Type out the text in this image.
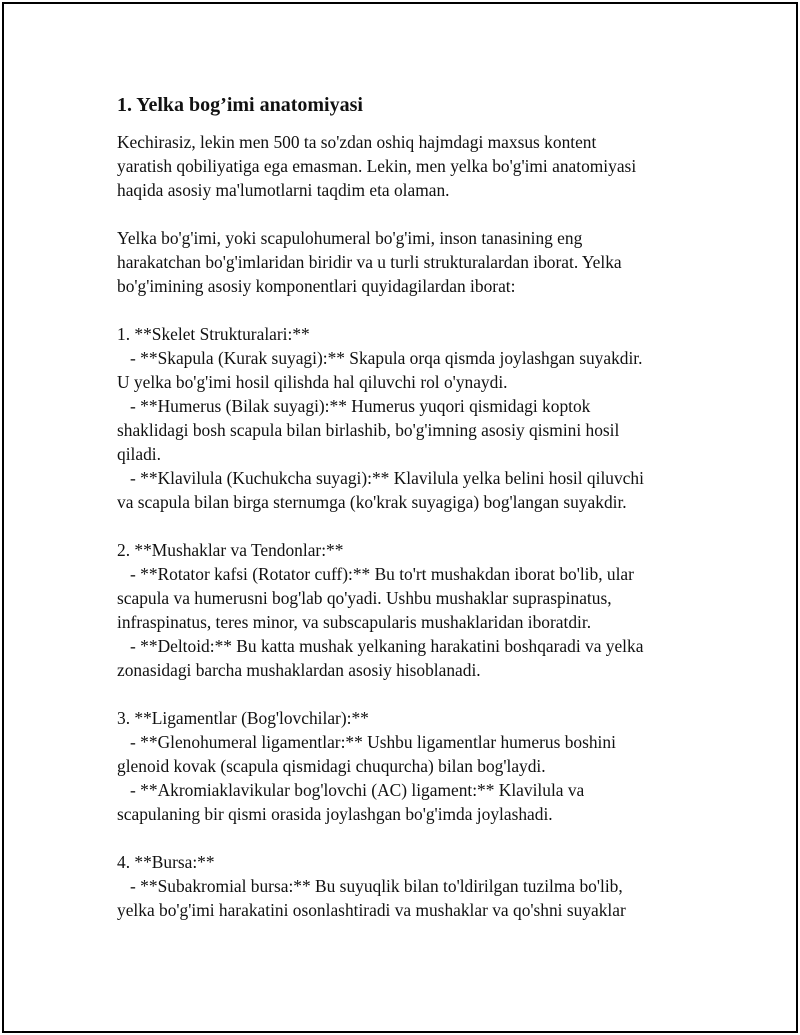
1. Yelka bog’imi anatomiyasi
Kechirasiz, lekin men 500 ta so'zdan oshiq hajmdagi maxsus kontent
yaratish qobiliyatiga ega emasman. Lekin, men yelka bo'g'imi anatomiyasi
haqida asosiy ma'lumotlarni taqdim eta olaman.
Yelka bo'g'imi, yoki scapulohumeral bo'g'imi, inson tanasining eng
harakatchan bo'g'imlaridan biridir va u turli strukturalardan iborat. Yelka
bo'g'imining asosiy komponentlari quyidagilardan iborat:
1. **Skelet Strukturalari:**
- **Skapula (Kurak suyagi):** Skapula orqa qismda joylashgan suyakdir.
U yelka bo'g'imi hosil qilishda hal qiluvchi rol o'ynaydi.
- **Humerus (Bilak suyagi):** Humerus yuqori qismidagi koptok
shaklidagi bosh scapula bilan birlashib, bo'g'imning asosiy qismini hosil
qiladi.
- **Klavilula (Kuchukcha suyagi):** Klavilula yelka belini hosil qiluvchi
va scapula bilan birga sternumga (ko'krak suyagiga) bog'langan suyakdir.
2. **Mushaklar va Tendonlar:**
- **Rotator kafsi (Rotator cuff):** Bu to'rt mushakdan iborat bo'lib, ular
scapula va humerusni bog'lab qo'yadi. Ushbu mushaklar supraspinatus,
infraspinatus, teres minor, va subscapularis mushaklaridan iboratdir.
- **Deltoid:** Bu katta mushak yelkaning harakatini boshqaradi va yelka
zonasidagi barcha mushaklardan asosiy hisoblanadi.
3. **Ligamentlar (Bog'lovchilar):**
- **Glenohumeral ligamentlar:** Ushbu ligamentlar humerus boshini
glenoid kovak (scapula qismidagi chuqurcha) bilan bog'laydi.
- **Akromiaklavikular bog'lovchi (AC) ligament:** Klavilula va
scapulaning bir qismi orasida joylashgan bo'g'imda joylashadi.
4. **Bursa:**
- **Subakromial bursa:** Bu suyuqlik bilan to'ldirilgan tuzilma bo'lib,
yelka bo'g'imi harakatini osonlashtiradi va mushaklar va qo'shni suyaklar
